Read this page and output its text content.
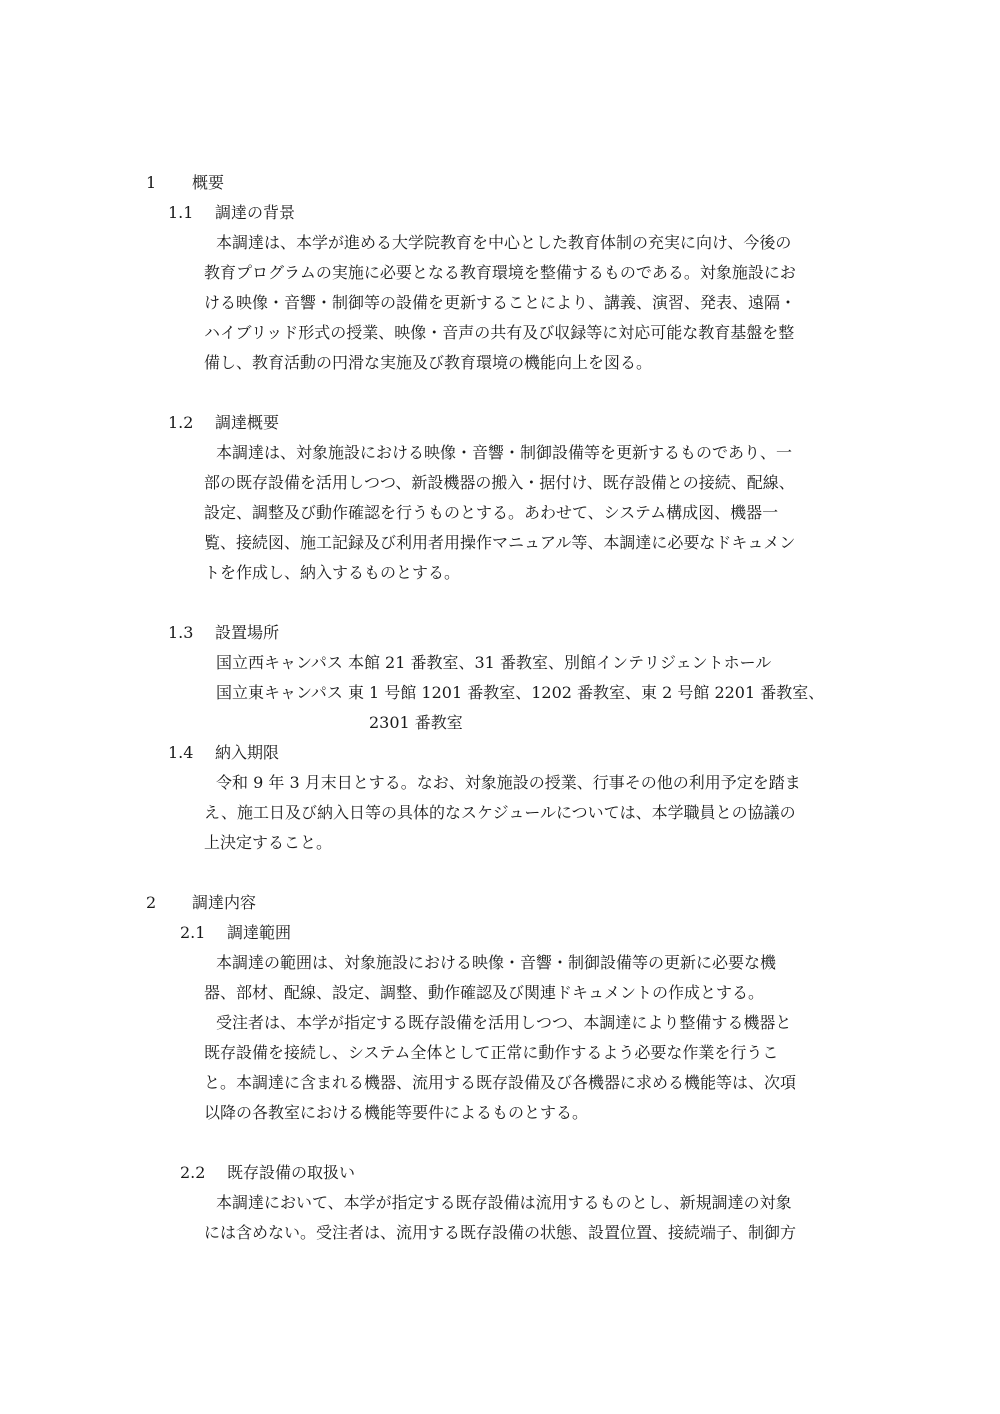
1 概要
1.1 調達の背景
本調達は、本学が進める大学院教育を中心とした教育体制の充実に向け、今後の
教育プログラムの実施に必要となる教育環境を整備するものである。対象施設にお
ける映像・音響・制御等の設備を更新することにより、講義、演習、発表、遠隔・
ハイブリッド形式の授業、映像・音声の共有及び収録等に対応可能な教育基盤を整
備し、教育活動の円滑な実施及び教育環境の機能向上を図る。
1.2 調達概要
本調達は、対象施設における映像・音響・制御設備等を更新するものであり、一
部の既存設備を活用しつつ、新設機器の搬入・据付け、既存設備との接続、配線、
設定、調整及び動作確認を行うものとする。あわせて、システム構成図、機器一
覧、接続図、施工記録及び利用者用操作マニュアル等、本調達に必要なドキュメン
トを作成し、納入するものとする。
1.3 設置場所
国立西キャンパス 本館 21 番教室、31 番教室、別館インテリジェントホール
国立東キャンパス 東 1 号館 1201 番教室、1202 番教室、東 2 号館 2201 番教室、
2301 番教室
1.4 納入期限
令和 9 年 3 月末日とする。なお、対象施設の授業、行事その他の利用予定を踏ま
え、施工日及び納入日等の具体的なスケジュールについては、本学職員との協議の
上決定すること。
2 調達内容
2.1 調達範囲
本調達の範囲は、対象施設における映像・音響・制御設備等の更新に必要な機
器、部材、配線、設定、調整、動作確認及び関連ドキュメントの作成とする。
受注者は、本学が指定する既存設備を活用しつつ、本調達により整備する機器と
既存設備を接続し、システム全体として正常に動作するよう必要な作業を行うこ
と。本調達に含まれる機器、流用する既存設備及び各機器に求める機能等は、次項
以降の各教室における機能等要件によるものとする。
2.2 既存設備の取扱い
本調達において、本学が指定する既存設備は流用するものとし、新規調達の対象
には含めない。受注者は、流用する既存設備の状態、設置位置、接続端子、制御方
